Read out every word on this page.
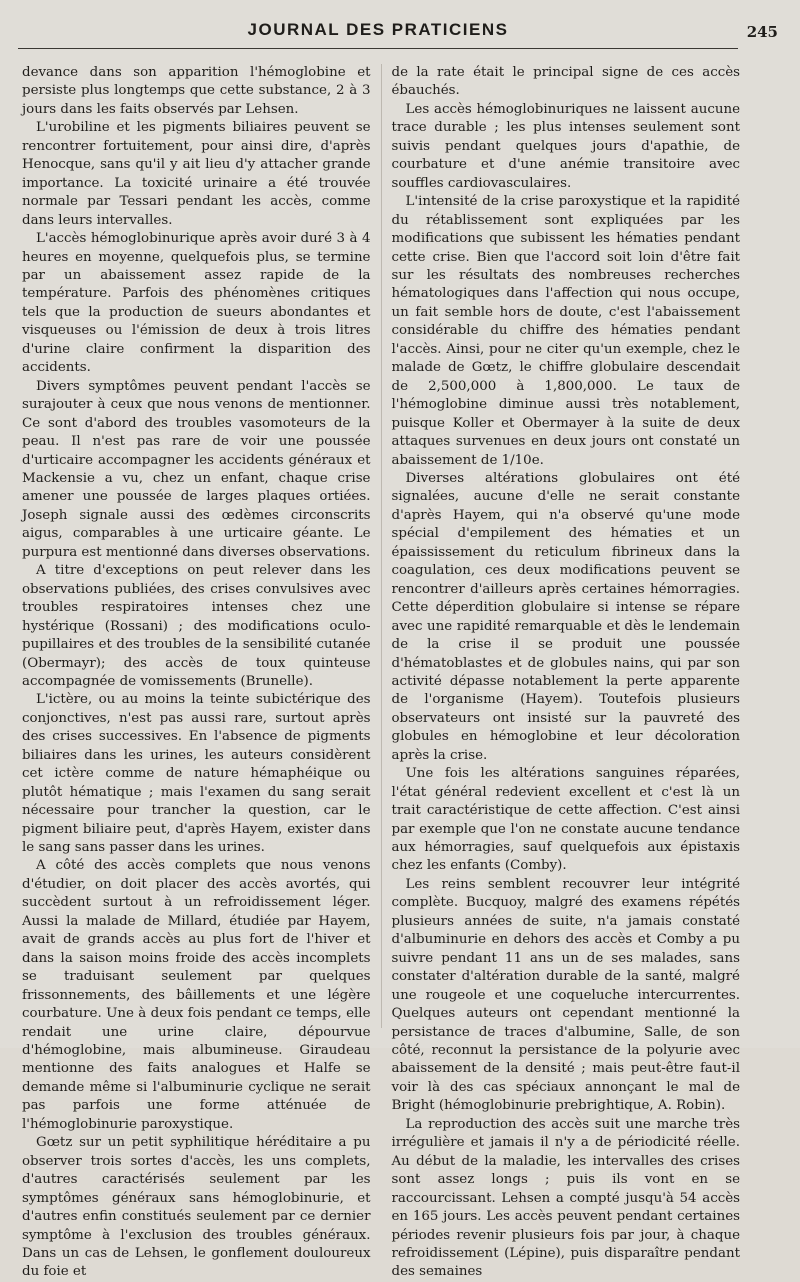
JOURNAL DES PRATICIENS	245

devance dans son apparition l'hémoglobine et persiste plus longtemps que cette substance, 2 à 3 jours dans les faits observés par Lehsen.

L'urobiline et les pigments biliaires peuvent se rencontrer fortuitement, pour ainsi dire, d'après Henocque, sans qu'il y ait lieu d'y attacher grande importance. La toxicité urinaire a été trouvée normale par Tessari pendant les accès, comme dans leurs intervalles.

L'accès hémoglobinurique après avoir duré 3 à 4 heures en moyenne, quelquefois plus, se termine par un abaissement assez rapide de la température. Parfois des phénomènes critiques tels que la production de sueurs abondantes et visqueuses ou l'émission de deux à trois litres d'urine claire confirment la disparition des accidents.

Divers symptômes peuvent pendant l'accès se surajouter à ceux que nous venons de mentionner. Ce sont d'abord des troubles vasomoteurs de la peau. Il n'est pas rare de voir une poussée d'urticaire accompagner les accidents généraux et Mackensie a vu, chez un enfant, chaque crise amener une poussée de larges plaques ortiées. Joseph signale aussi des œdèmes circonscrits aigus, comparables à une urticaire géante. Le purpura est mentionné dans diverses observations.

A titre d'exceptions on peut relever dans les observations publiées, des crises convulsives avec troubles respiratoires intenses chez une hystérique (Rossani) ; des modifications oculo-pupillaires et des troubles de la sensibilité cutanée (Obermayr); des accès de toux quinteuse accompagnée de vomissements (Brunelle).

L'ictère, ou au moins la teinte subictérique des conjonctives, n'est pas aussi rare, surtout après des crises successives. En l'absence de pigments biliaires dans les urines, les auteurs considèrent cet ictère comme de nature hémaphéique ou plutôt hématique ; mais l'examen du sang serait nécessaire pour trancher la question, car le pigment biliaire peut, d'après Hayem, exister dans le sang sans passer dans les urines.

A côté des accès complets que nous venons d'étudier, on doit placer des accès avortés, qui succèdent surtout à un refroidissement léger. Aussi la malade de Millard, étudiée par Hayem, avait de grands accès au plus fort de l'hiver et dans la saison moins froide des accès incomplets se traduisant seulement par quelques frissonnements, des bâillements et une légère courbature. Une à deux fois pendant ce temps, elle rendait une urine claire, dépourvue d'hémoglobine, mais albumineuse. Giraudeau mentionne des faits analogues et Halfe se demande même si l'albuminurie cyclique ne serait pas parfois une forme atténuée de l'hémoglobinurie paroxystique.

Gœtz sur un petit syphilitique héréditaire a pu observer trois sortes d'accès, les uns complets, d'autres caractérisés seulement par les symptômes généraux sans hémoglobinurie, et d'autres enfin constitués seulement par ce dernier symptôme à l'exclusion des troubles généraux. Dans un cas de Lehsen, le gonflement douloureux du foie et

de la rate était le principal signe de ces accès ébauchés.

Les accès hémoglobinuriques ne laissent aucune trace durable ; les plus intenses seulement sont suivis pendant quelques jours d'apathie, de courbature et d'une anémie transitoire avec souffles cardiovasculaires.

L'intensité de la crise paroxystique et la rapidité du rétablissement sont expliquées par les modifications que subissent les hématies pendant cette crise. Bien que l'accord soit loin d'être fait sur les résultats des nombreuses recherches hématologiques dans l'affection qui nous occupe, un fait semble hors de doute, c'est l'abaissement considérable du chiffre des hématies pendant l'accès. Ainsi, pour ne citer qu'un exemple, chez le malade de Gœtz, le chiffre globulaire descendait de 2,500,000 à 1,800,000. Le taux de l'hémoglobine diminue aussi très notablement, puisque Koller et Obermayer à la suite de deux attaques survenues en deux jours ont constaté un abaissement de 1/10e.

Diverses altérations globulaires ont été signalées, aucune d'elle ne serait constante d'après Hayem, qui n'a observé qu'une mode spécial d'empilement des hématies et un épaississement du reticulum fibrineux dans la coagulation, ces deux modifications peuvent se rencontrer d'ailleurs après certaines hémorragies. Cette déperdition globulaire si intense se répare avec une rapidité remarquable et dès le lendemain de la crise il se produit une poussée d'hématoblastes et de globules nains, qui par son activité dépasse notablement la perte apparente de l'organisme (Hayem). Toutefois plusieurs observateurs ont insisté sur la pauvreté des globules en hémoglobine et leur décoloration après la crise.

Une fois les altérations sanguines réparées, l'état général redevient excellent et c'est là un trait caractéristique de cette affection. C'est ainsi par exemple que l'on ne constate aucune tendance aux hémorragies, sauf quelquefois aux épistaxis chez les enfants (Comby).

Les reins semblent recouvrer leur intégrité complète. Bucquoy, malgré des examens répétés plusieurs années de suite, n'a jamais constaté d'albuminurie en dehors des accès et Comby a pu suivre pendant 11 ans un de ses malades, sans constater d'altération durable de la santé, malgré une rougeole et une coqueluche intercurrentes. Quelques auteurs ont cependant mentionné la persistance de traces d'albumine, Salle, de son côté, reconnut la persistance de la polyurie avec abaissement de la densité ; mais peut-être faut-il voir là des cas spéciaux annonçant le mal de Bright (hémoglobinurie prebrightique, A. Robin).

La reproduction des accès suit une marche très irrégulière et jamais il n'y a de périodicité réelle. Au début de la maladie, les intervalles des crises sont assez longs ; puis ils vont en se raccourcissant. Lehsen a compté jusqu'à 54 accès en 165 jours. Les accès peuvent pendant certaines périodes revenir plusieurs fois par jour, à chaque refroidissement (Lépine), puis disparaître pendant des semaines
